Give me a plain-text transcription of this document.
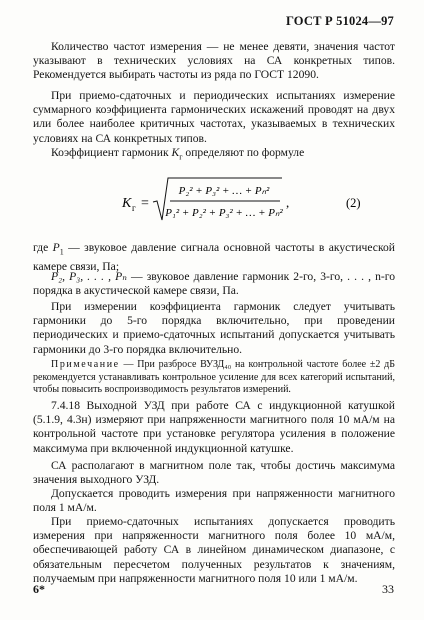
ГОСТ Р 51024—97
Количество частот измерения — не менее девяти, значения частот указывают в технических условиях на СА конкретных типов. Рекомендуется выбирать частоты из ряда по ГОСТ 12090.
При приемо-сдаточных и периодических испытаниях измерение суммарного коэффициента гармонических искажений проводят на двух или более наиболее критичных частотах, указываемых в технических условиях на СА конкретных типов.
Коэффициент гармоник $K_г$ определяют по формуле
K г =
P₂² + P₃² + … + Pₙ²
P₁² + P₂² + P₃² + … + Pₙ²
,	(2)
где $P_1$ — звуковое давление сигнала основной частоты в акустической камере связи, Па;
P₂, P₃, . . . , Pₙ — звуковое давление гармоник 2-го, 3-го, . . . , n-го порядка в акустической камере связи, Па.
При измерении коэффициента гармоник следует учитывать гармоники до 5-го порядка включительно, при проведении периодических и приемо-сдаточных испытаний допускается учитывать гармоники до 3-го порядка включительно.
Примечание — При разбросе ВУЗД₄₀ на контрольной частоте более ±2 дБ рекомендуется устанавливать контрольное усиление для всех категорий испытаний, чтобы повысить воспроизводимость результатов измерений.
7.4.18 Выходной УЗД при работе СА с индукционной катушкой (5.1.9, 4.3н) измеряют при напряженности магнитного поля 10 мА/м на контрольной частоте при установке регулятора усиления в положение максимума при включенной индукционной катушке.
СА располагают в магнитном поле так, чтобы достичь максимума значения выходного УЗД.
Допускается проводить измерения при напряженности магнитного поля 1 мА/м.
При приемо-сдаточных испытаниях допускается проводить измерения при напряженности магнитного поля более 10 мА/м, обеспечивающей работу СА в линейном динамическом диапазоне, с обязательным пересчетом полученных результатов к значениям, получаемым при напряженности магнитного поля 10 или 1 мА/м.
6*	33
